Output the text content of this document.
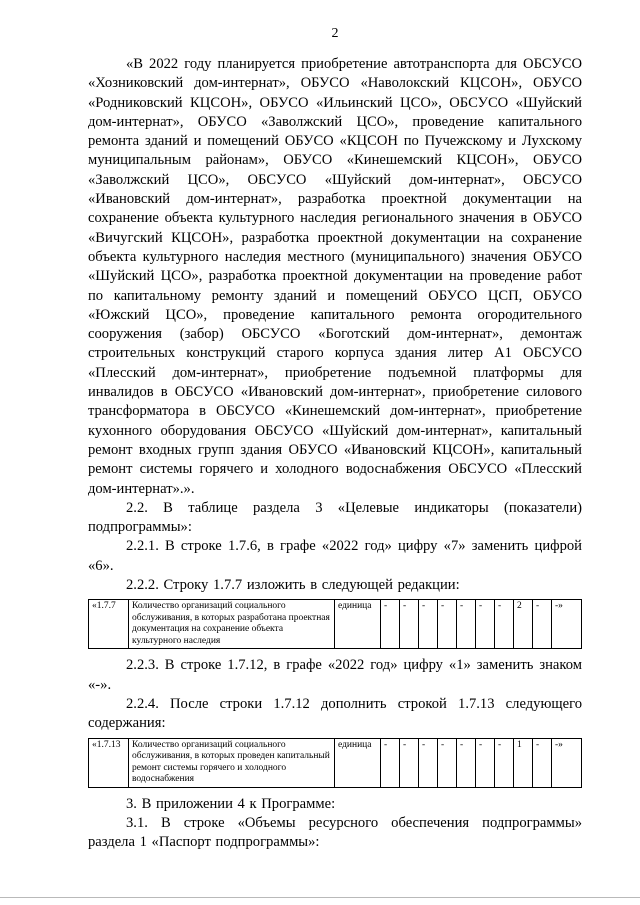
2

«В 2022 году планируется приобретение автотранспорта для ОБСУСО «Хозниковский дом-интернат», ОБУСО «Наволокский КЦСОН», ОБУСО «Родниковский КЦСОН», ОБУСО «Ильинский ЦСО», ОБСУСО «Шуйский дом-интернат», ОБУСО «Заволжский ЦСО», проведение капитального ремонта зданий и помещений ОБУСО «КЦСОН по Пучежскому и Лухскому муниципальным районам», ОБУСО «Кинешемский КЦСОН», ОБУСО «Заволжский ЦСО», ОБСУСО «Шуйский дом-интернат», ОБСУСО «Ивановский дом-интернат», разработка проектной документации на сохранение объекта культурного наследия регионального значения в ОБУСО «Вичугский КЦСОН», разработка проектной документации на сохранение объекта культурного наследия местного (муниципального) значения ОБУСО «Шуйский ЦСО», разработка проектной документации на проведение работ по капитальному ремонту зданий и помещений ОБУСО ЦСП, ОБУСО «Южский ЦСО», проведение капитального ремонта огородительного сооружения (забор) ОБСУСО «Боготский дом-интернат», демонтаж строительных конструкций старого корпуса здания литер А1 ОБСУСО «Плесский дом-интернат», приобретение подъемной платформы для инвалидов в ОБСУСО «Ивановский дом-интернат», приобретение силового трансформатора в ОБСУСО «Кинешемский дом-интернат», приобретение кухонного оборудования ОБСУСО «Шуйский дом-интернат», капитальный ремонт входных групп здания ОБУСО «Ивановский КЦСОН», капитальный ремонт системы горячего и холодного водоснабжения ОБСУСО «Плесский дом-интернат».».

2.2. В таблице раздела 3 «Целевые индикаторы (показатели) подпрограммы»:

2.2.1. В строке 1.7.6, в графе «2022 год» цифру «7» заменить цифрой «6».

2.2.2. Строку 1.7.7 изложить в следующей редакции:

«1.7.7	Количество организаций социального обслуживания, в которых разработана проектная документация на сохранение объекта культурного наследия	единица	-	-	-	-	-	-	-	2	-	-»

2.2.3. В строке 1.7.12, в графе «2022 год» цифру «1» заменить знаком «-».

2.2.4. После строки 1.7.12 дополнить строкой 1.7.13 следующего содержания:

«1.7.13	Количество организаций социального обслуживания, в которых проведен капитальный ремонт системы горячего и холодного водоснабжения	единица	-	-	-	-	-	-	-	1	-	-»

3. В приложении 4 к Программе:

3.1. В строке «Объемы ресурсного обеспечения подпрограммы» раздела 1 «Паспорт подпрограммы»:
